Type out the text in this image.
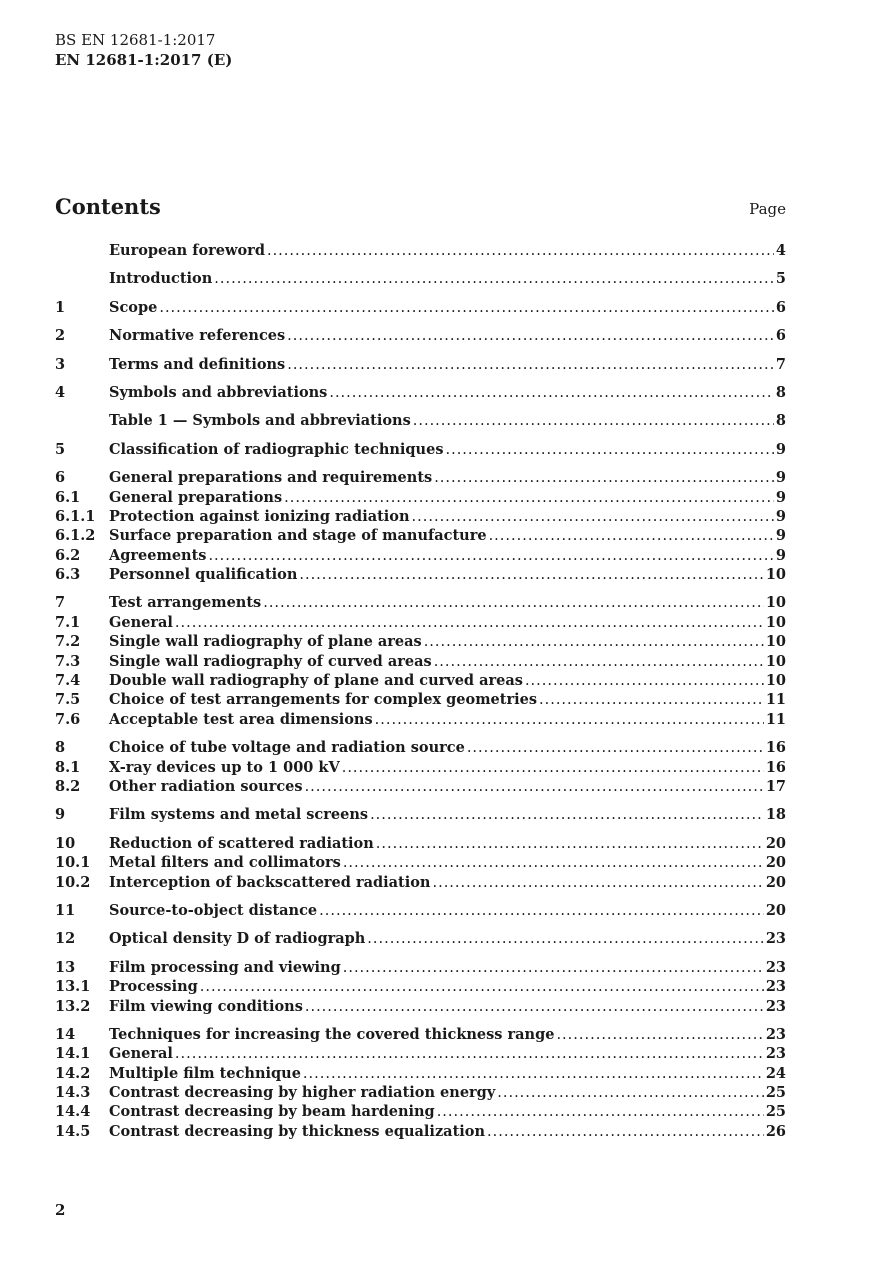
BS EN 12681-1:2017
EN 12681-1:2017 (E)
Contents	Page
European foreword .....	4
Introduction .....	5
1	Scope .....	6
2	Normative references .....	6
3	Terms and definitions .....	7
4	Symbols and abbreviations .....	8
Table 1 — Symbols and abbreviations .....	8
5	Classification of radiographic techniques .....	9
6	General preparations and requirements .....	9
6.1	General preparations .....	9
6.1.1 Protection against ionizing radiation .....	9
6.1.2 Surface preparation and stage of manufacture .....	9
6.2	Agreements .....	9
6.3	Personnel qualification .....	10
7	Test arrangements .....	10
7.1	General .....	10
7.2	Single wall radiography of plane areas .....	10
7.3	Single wall radiography of curved areas .....	10
7.4	Double wall radiography of plane and curved areas .....	10
7.5	Choice of test arrangements for complex geometries .....	11
7.6	Acceptable test area dimensions .....	11
8	Choice of tube voltage and radiation source .....	16
8.1	X-ray devices up to 1 000 kV .....	16
8.2	Other radiation sources .....	17
9	Film systems and metal screens .....	18
10	Reduction of scattered radiation .....	20
10.1	Metal filters and collimators .....	20
10.2	Interception of backscattered radiation .....	20
11	Source-to-object distance .....	20
12	Optical density D of radiograph .....	23
13	Film processing and viewing .....	23
13.1	Processing .....	23
13.2	Film viewing conditions .....	23
14	Techniques for increasing the covered thickness range .....	23
14.1	General .....	23
14.2	Multiple film technique .....	24
14.3	Contrast decreasing by higher radiation energy .....	25
14.4	Contrast decreasing by beam hardening .....	25
14.5	Contrast decreasing by thickness equalization .....	26
2
